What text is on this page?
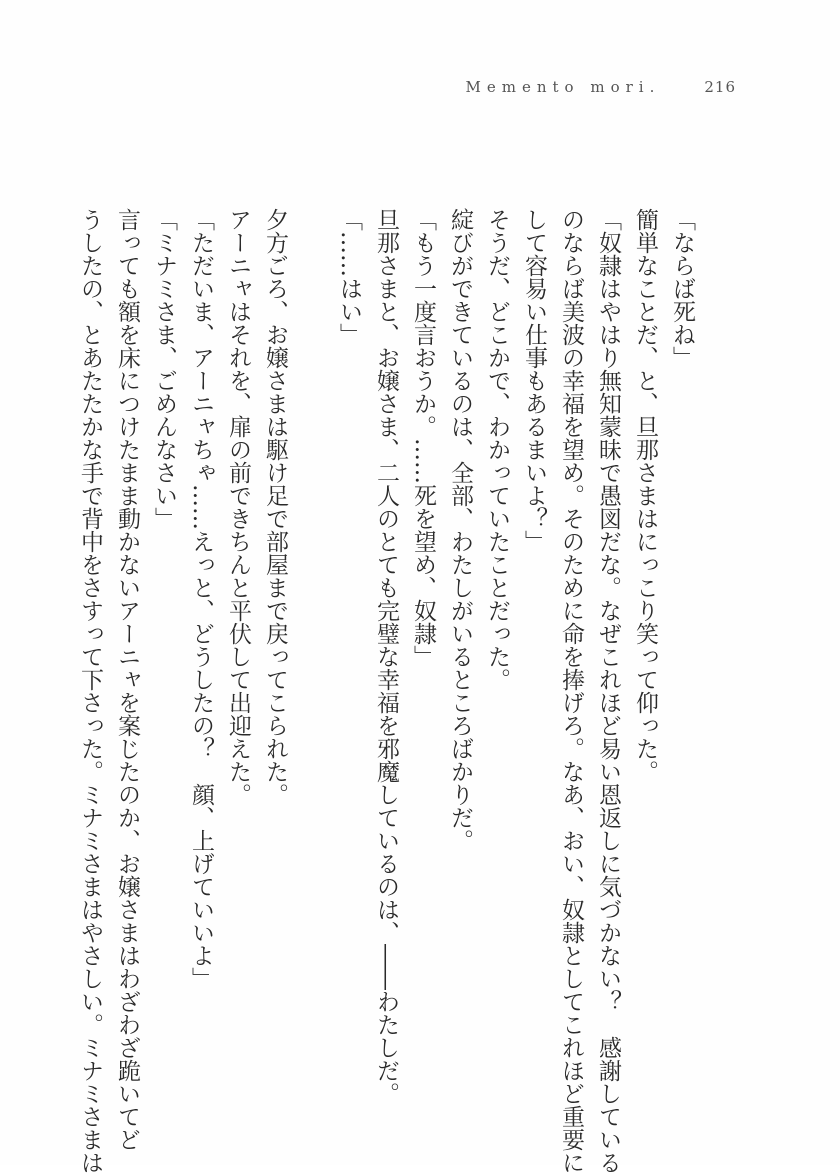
Memento mori.	216
「ならば死ね」
簡単なことだ、と、旦那さまはにっこり笑って仰った。
「奴隷はやはり無知蒙昧で愚図だな。なぜこれほど易い恩返しに気づかない？　感謝している
のならば美波の幸福を望め。そのために命を捧げろ。なあ、おい、奴隷としてこれほど重要に
して容易い仕事もあるまいよ？」
そうだ、どこかで、わかっていたことだった。
綻びができているのは、全部、わたしがいるところばかりだ。
「もう一度言おうか。……死を望め、奴隷」
旦那さまと、お嬢さま、二人のとても完璧な幸福を邪魔しているのは、――わたしだ。
「……はい」
夕方ごろ、お嬢さまは駆け足で部屋まで戻ってこられた。
アーニャはそれを、扉の前できちんと平伏して出迎えた。
「ただいま、アーニャちゃ……えっと、どうしたの？　顔、上げていいよ」
「ミナミさま、ごめんなさい」
言っても額を床につけたまま動かないアーニャを案じたのか、お嬢さまはわざわざ跪いてど
うしたの、とあたたかな手で背中をさすって下さった。ミナミさまはやさしい。ミナミさまは
